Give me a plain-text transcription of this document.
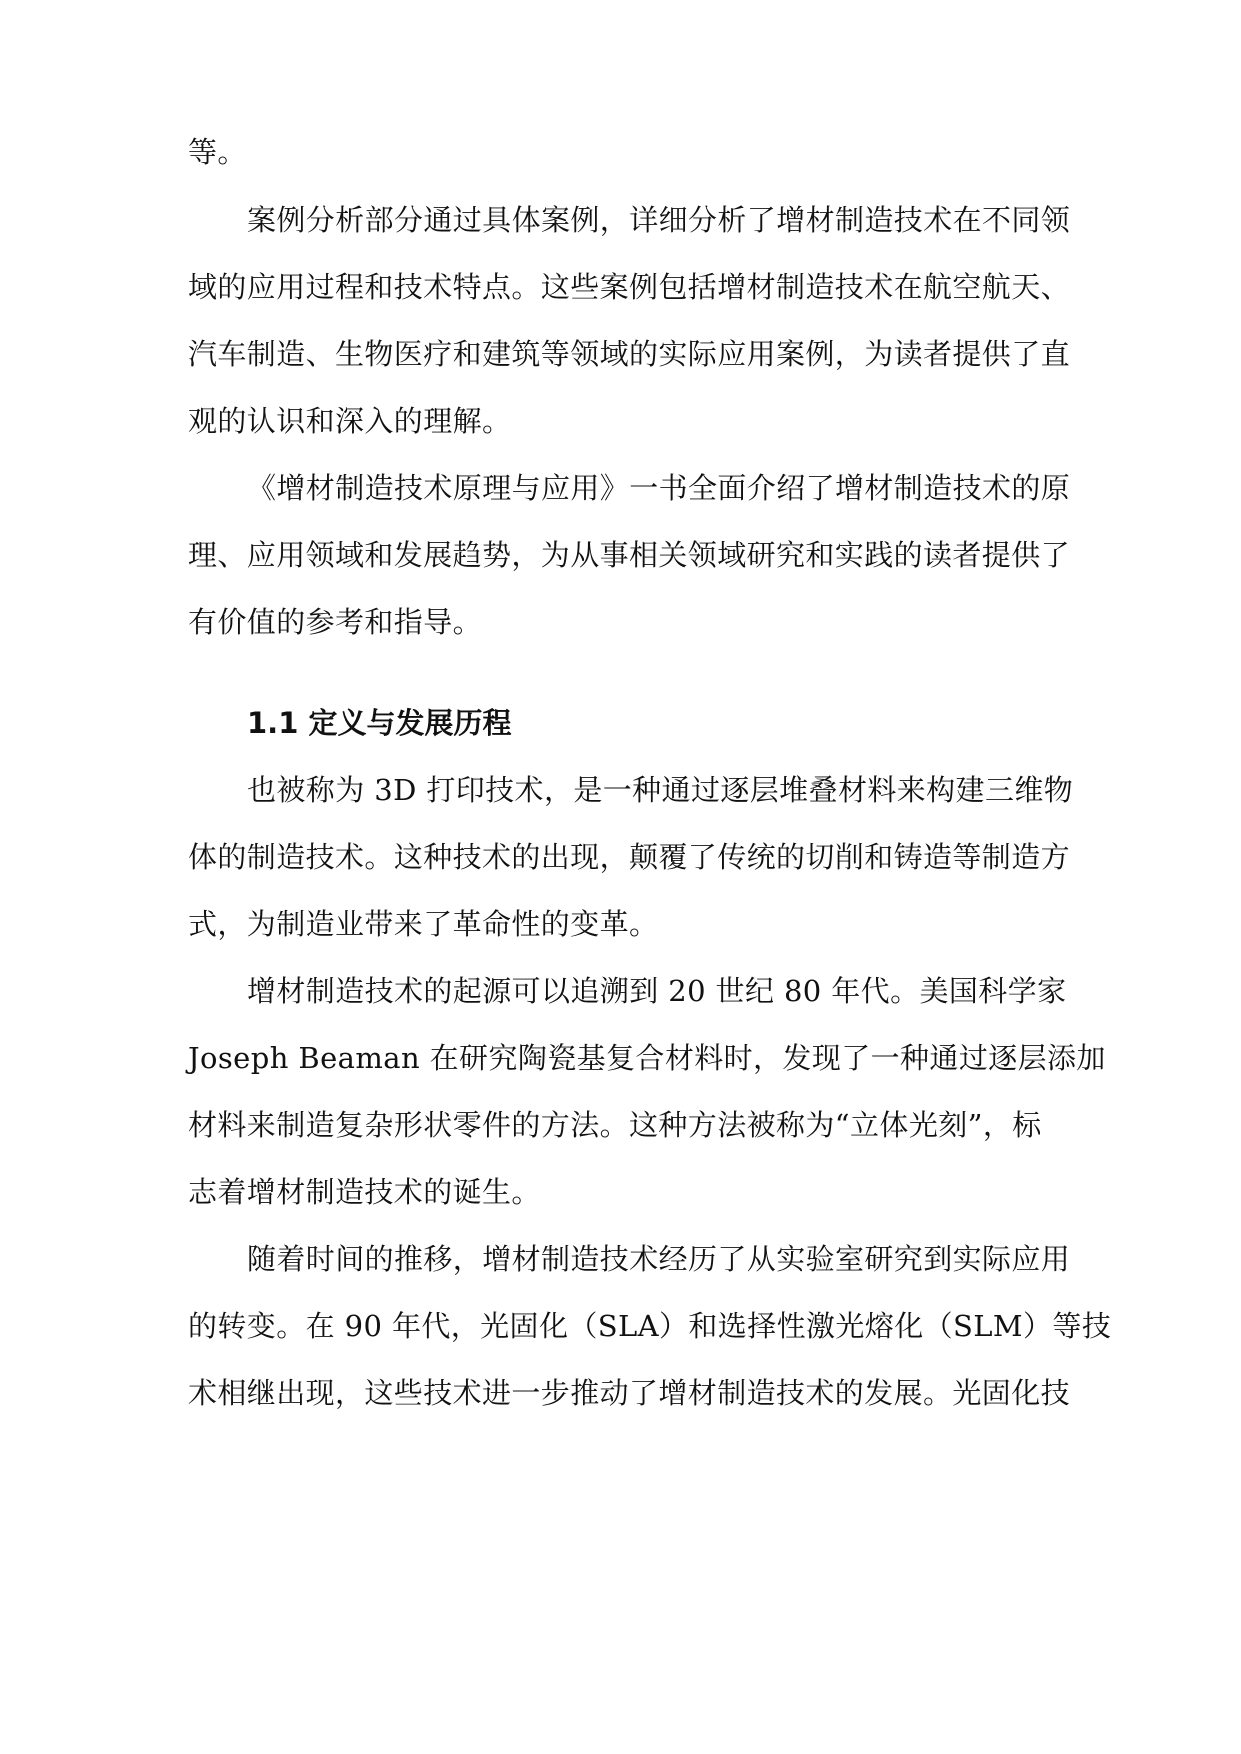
等。
案例分析部分通过具体案例，详细分析了增材制造技术在不同领
域的应用过程和技术特点。这些案例包括增材制造技术在航空航天、
汽车制造、生物医疗和建筑等领域的实际应用案例，为读者提供了直
观的认识和深入的理解。
《增材制造技术原理与应用》一书全面介绍了增材制造技术的原
理、应用领域和发展趋势，为从事相关领域研究和实践的读者提供了
有价值的参考和指导。
1.1 定义与发展历程
也被称为 3D 打印技术，是一种通过逐层堆叠材料来构建三维物
体的制造技术。这种技术的出现，颠覆了传统的切削和铸造等制造方
式，为制造业带来了革命性的变革。
增材制造技术的起源可以追溯到 20 世纪 80 年代。美国科学家
Joseph Beaman 在研究陶瓷基复合材料时，发现了一种通过逐层添加
材料来制造复杂形状零件的方法。这种方法被称为“立体光刻”，标
志着增材制造技术的诞生。
随着时间的推移，增材制造技术经历了从实验室研究到实际应用
的转变。在 90 年代，光固化（SLA）和选择性激光熔化（SLM）等技
术相继出现，这些技术进一步推动了增材制造技术的发展。光固化技
